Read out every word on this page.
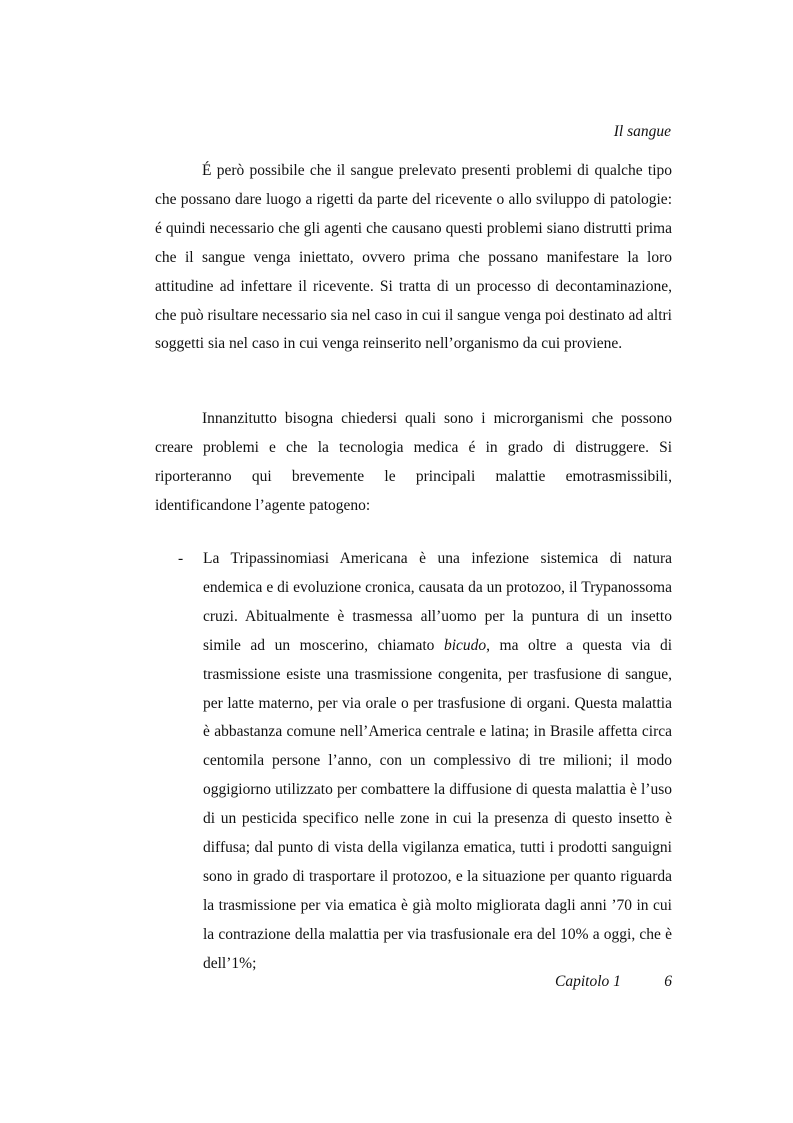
Il sangue

É però possibile che il sangue prelevato presenti problemi di qualche tipo che possano dare luogo a rigetti da parte del ricevente o allo sviluppo di patologie: é quindi necessario che gli agenti che causano questi problemi siano distrutti prima che il sangue venga iniettato, ovvero prima che possano manifestare la loro attitudine ad infettare il ricevente. Si tratta di un processo di decontaminazione, che può risultare necessario sia nel caso in cui il sangue venga poi destinato ad altri soggetti sia nel caso in cui venga reinserito nell’organismo da cui proviene.

Innanzitutto bisogna chiedersi quali sono i microrganismi che possono creare problemi e che la tecnologia medica é in grado di distruggere. Si riporteranno qui brevemente le principali malattie emotrasmissibili, identificandone l’agente patogeno:

- La Tripassinomiasi Americana è una infezione sistemica di natura endemica e di evoluzione cronica, causata da un protozoo, il Trypanossoma cruzi. Abitualmente è trasmessa all’uomo per la puntura di un insetto simile ad un moscerino, chiamato bicudo, ma oltre a questa via di trasmissione esiste una trasmissione congenita, per trasfusione di sangue, per latte materno, per via orale o per trasfusione di organi. Questa malattia è abbastanza comune nell’America centrale e latina; in Brasile affetta circa centomila persone l’anno, con un complessivo di tre milioni; il modo oggigiorno utilizzato per combattere la diffusione di questa malattia è l’uso di un pesticida specifico nelle zone in cui la presenza di questo insetto è diffusa; dal punto di vista della vigilanza ematica, tutti i prodotti sanguigni sono in grado di trasportare il protozoo, e la situazione per quanto riguarda la trasmissione per via ematica è già molto migliorata dagli anni ’70 in cui la contrazione della malattia per via trasfusionale era del 10% a oggi, che è dell’1%;

Capitolo 1	6
